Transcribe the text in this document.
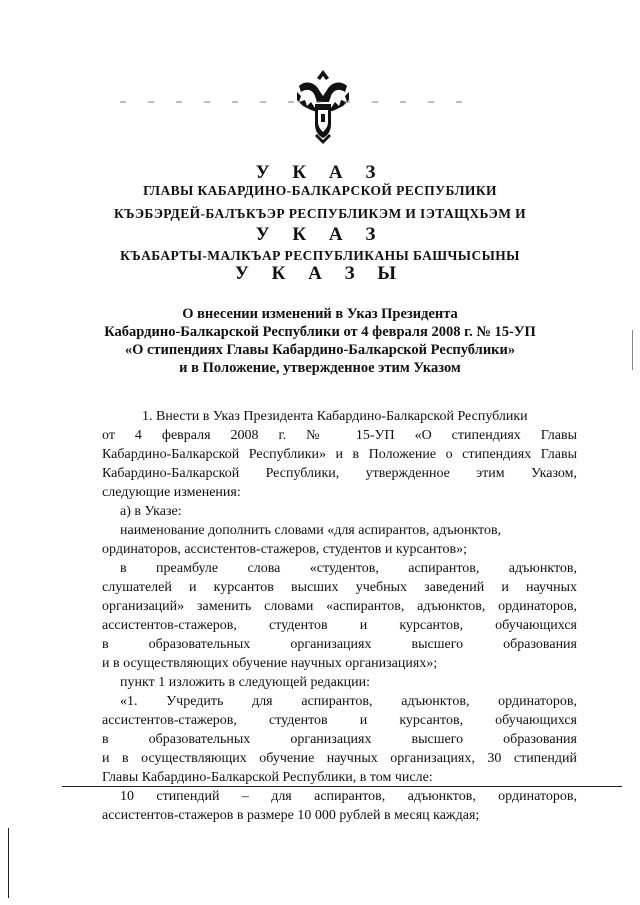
У К А З
ГЛАВЫ КАБАРДИНО-БАЛКАРСКОЙ РЕСПУБЛИКИ
КЪЭБЭРДЕЙ-БАЛЪКЪЭР РЕСПУБЛИКЭМ И IЭТАЩХЬЭМ И
У К А З
КЪАБАРТЫ-МАЛКЪАР РЕСПУБЛИКАНЫ БАШЧЫСЫНЫ
У К А З Ы
О внесении изменений в Указ Президента
Кабардино-Балкарской Республики от 4 февраля 2008 г. № 15-УП
«О стипендиях Главы Кабардино-Балкарской Республики»
и в Положение, утвержденное этим Указом
1. Внести в Указ Президента Кабардино-Балкарской Республики
от 4 февраля 2008 г. № 15-УП «О стипендиях Главы
Кабардино-Балкарской Республики» и в Положение о стипендиях Главы
Кабардино-Балкарской Республики, утвержденное этим Указом,
следующие изменения:
а) в Указе:
наименование дополнить словами «для аспирантов, адъюнктов,
ординаторов, ассистентов-стажеров, студентов и курсантов»;
в преамбуле слова «студентов, аспирантов, адъюнктов,
слушателей и курсантов высших учебных заведений и научных
организаций» заменить словами «аспирантов, адъюнктов, ординаторов,
ассистентов-стажеров, студентов и курсантов, обучающихся
в образовательных организациях высшего образования
и в осуществляющих обучение научных организациях»;
пункт 1 изложить в следующей редакции:
«1. Учредить для аспирантов, адъюнктов, ординаторов,
ассистентов-стажеров, студентов и курсантов, обучающихся
в образовательных организациях высшего образования
и в осуществляющих обучение научных организациях, 30 стипендий
Главы Кабардино-Балкарской Республики, в том числе:
10 стипендий – для аспирантов, адъюнктов, ординаторов,
ассистентов-стажеров в размере 10 000 рублей в месяц каждая;
